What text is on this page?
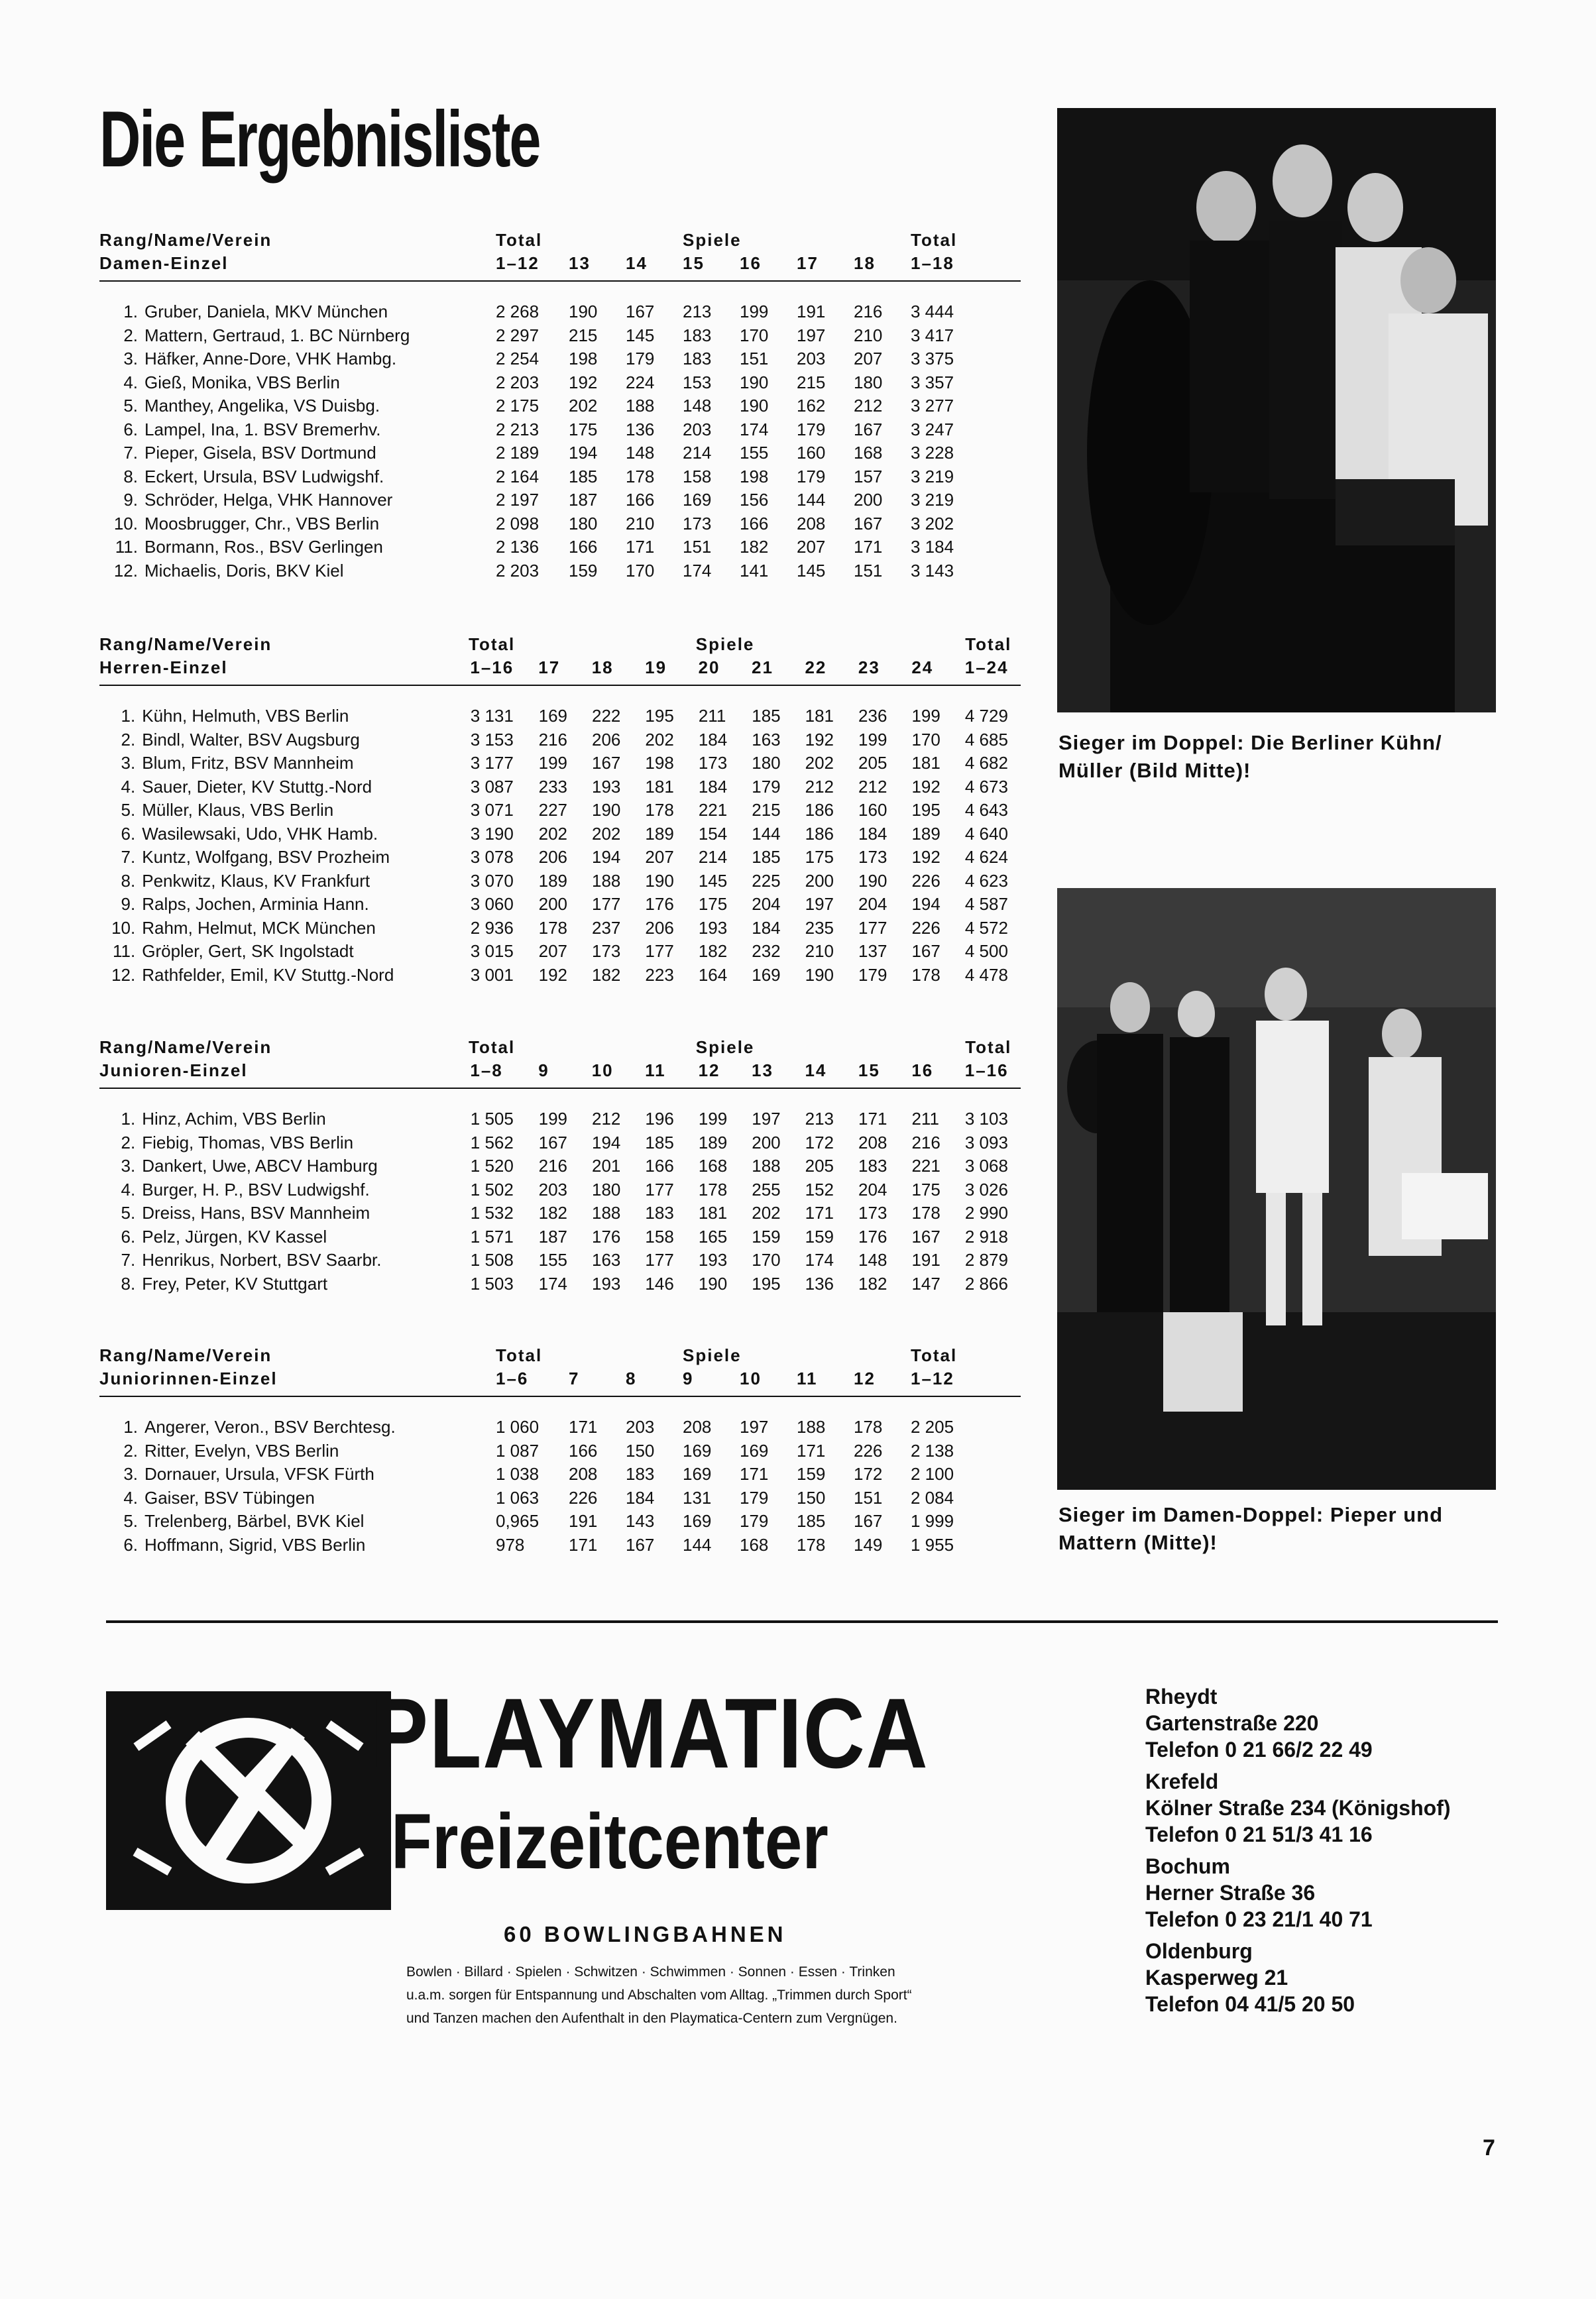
Die Ergebnisliste
Rang/Name/Verein	Total	Spiele	Total
Damen-Einzel	1–12	13	14	15	16	17	18	1–18
1. Gruber, Daniela, MKV München	2 268	190	167	213	199	191	216	3 444
2. Mattern, Gertraud, 1. BC Nürnberg	2 297	215	145	183	170	197	210	3 417
3. Häfker, Anne-Dore, VHK Hambg.	2 254	198	179	183	151	203	207	3 375
4. Gieß, Monika, VBS Berlin	2 203	192	224	153	190	215	180	3 357
5. Manthey, Angelika, VS Duisbg.	2 175	202	188	148	190	162	212	3 277
6. Lampel, Ina, 1. BSV Bremerhv.	2 213	175	136	203	174	179	167	3 247
7. Pieper, Gisela, BSV Dortmund	2 189	194	148	214	155	160	168	3 228
8. Eckert, Ursula, BSV Ludwigshf.	2 164	185	178	158	198	179	157	3 219
9. Schröder, Helga, VHK Hannover	2 197	187	166	169	156	144	200	3 219
10. Moosbrugger, Chr., VBS Berlin	2 098	180	210	173	166	208	167	3 202
11. Bormann, Ros., BSV Gerlingen	2 136	166	171	151	182	207	171	3 184
12. Michaelis, Doris, BKV Kiel	2 203	159	170	174	141	145	151	3 143
Rang/Name/Verein	Total	Spiele	Total
Herren-Einzel	1–16	17	18	19	20	21	22	23	24	1–24
1. Kühn, Helmuth, VBS Berlin	3 131	169	222	195	211	185	181	236	199	4 729
2. Bindl, Walter, BSV Augsburg	3 153	216	206	202	184	163	192	199	170	4 685
3. Blum, Fritz, BSV Mannheim	3 177	199	167	198	173	180	202	205	181	4 682
4. Sauer, Dieter, KV Stuttg.-Nord	3 087	233	193	181	184	179	212	212	192	4 673
5. Müller, Klaus, VBS Berlin	3 071	227	190	178	221	215	186	160	195	4 643
6. Wasilewsaki, Udo, VHK Hamb.	3 190	202	202	189	154	144	186	184	189	4 640
7. Kuntz, Wolfgang, BSV Prozheim	3 078	206	194	207	214	185	175	173	192	4 624
8. Penkwitz, Klaus, KV Frankfurt	3 070	189	188	190	145	225	200	190	226	4 623
9. Ralps, Jochen, Arminia Hann.	3 060	200	177	176	175	204	197	204	194	4 587
10. Rahm, Helmut, MCK München	2 936	178	237	206	193	184	235	177	226	4 572
11. Gröpler, Gert, SK Ingolstadt	3 015	207	173	177	182	232	210	137	167	4 500
12. Rathfelder, Emil, KV Stuttg.-Nord	3 001	192	182	223	164	169	190	179	178	4 478
Rang/Name/Verein	Total	Spiele	Total
Junioren-Einzel	1–8	9	10	11	12	13	14	15	16	1–16
1. Hinz, Achim, VBS Berlin	1 505	199	212	196	199	197	213	171	211	3 103
2. Fiebig, Thomas, VBS Berlin	1 562	167	194	185	189	200	172	208	216	3 093
3. Dankert, Uwe, ABCV Hamburg	1 520	216	201	166	168	188	205	183	221	3 068
4. Burger, H. P., BSV Ludwigshf.	1 502	203	180	177	178	255	152	204	175	3 026
5. Dreiss, Hans, BSV Mannheim	1 532	182	188	183	181	202	171	173	178	2 990
6. Pelz, Jürgen, KV Kassel	1 571	187	176	158	165	159	159	176	167	2 918
7. Henrikus, Norbert, BSV Saarbr.	1 508	155	163	177	193	170	174	148	191	2 879
8. Frey, Peter, KV Stuttgart	1 503	174	193	146	190	195	136	182	147	2 866
Rang/Name/Verein	Total	Spiele	Total
Juniorinnen-Einzel	1–6	7	8	9	10	11	12	1–12
1. Angerer, Veron., BSV Berchtesg.	1 060	171	203	208	197	188	178	2 205
2. Ritter, Evelyn, VBS Berlin	1 087	166	150	169	169	171	226	2 138
3. Dornauer, Ursula, VFSK Fürth	1 038	208	183	169	171	159	172	2 100
4. Gaiser, BSV Tübingen	1 063	226	184	131	179	150	151	2 084
5. Trelenberg, Bärbel, BVK Kiel	0,965	191	143	169	179	185	167	1 999
6. Hoffmann, Sigrid, VBS Berlin	978	171	167	144	168	178	149	1 955
Sieger im Doppel: Die Berliner Kühn/ Müller (Bild Mitte)!
Sieger im Damen-Doppel: Pieper und Mattern (Mitte)!
PLAYMATICA
Freizeitcenter
60 BOWLINGBAHNEN
Bowlen · Billard · Spielen · Schwitzen · Schwimmen · Sonnen · Essen · Trinken u.a.m. sorgen für Entspannung und Abschalten vom Alltag. „Trimmen durch Sport“ und Tanzen machen den Aufenthalt in den Playmatica-Centern zum Vergnügen.
Rheydt
Gartenstraße 220
Telefon 0 21 66/2 22 49
Krefeld
Kölner Straße 234 (Königshof)
Telefon 0 21 51/3 41 16
Bochum
Herner Straße 36
Telefon 0 23 21/1 40 71
Oldenburg
Kasperweg 21
Telefon 04 41/5 20 50
7
